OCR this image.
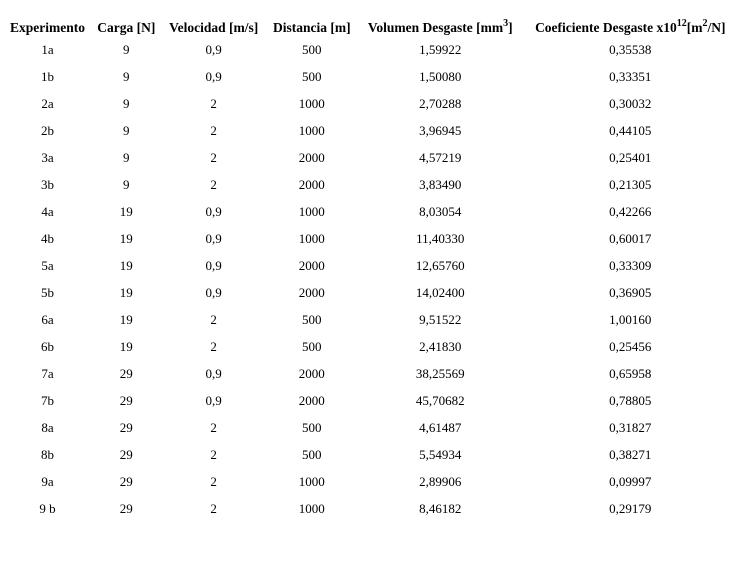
Experimento	Carga [N]	Velocidad [m/s]	Distancia [m]	Volumen Desgaste $[mm^3]$	Coeficiente Desgaste $x10^{12}[m^2/N]$
1a	9	0,9	500	1,59922	0,35538
1b	9	0,9	500	1,50080	0,33351
2a	9	2	1000	2,70288	0,30032
2b	9	2	1000	3,96945	0,44105
3a	9	2	2000	4,57219	0,25401
3b	9	2	2000	3,83490	0,21305
4a	19	0,9	1000	8,03054	0,42266
4b	19	0,9	1000	11,40330	0,60017
5a	19	0,9	2000	12,65760	0,33309
5b	19	0,9	2000	14,02400	0,36905
6a	19	2	500	9,51522	1,00160
6b	19	2	500	2,41830	0,25456
7a	29	0,9	2000	38,25569	0,65958
7b	29	0,9	2000	45,70682	0,78805
8a	29	2	500	4,61487	0,31827
8b	29	2	500	5,54934	0,38271
9a	29	2	1000	2,89906	0,09997
9 b	29	2	1000	8,46182	0,29179
